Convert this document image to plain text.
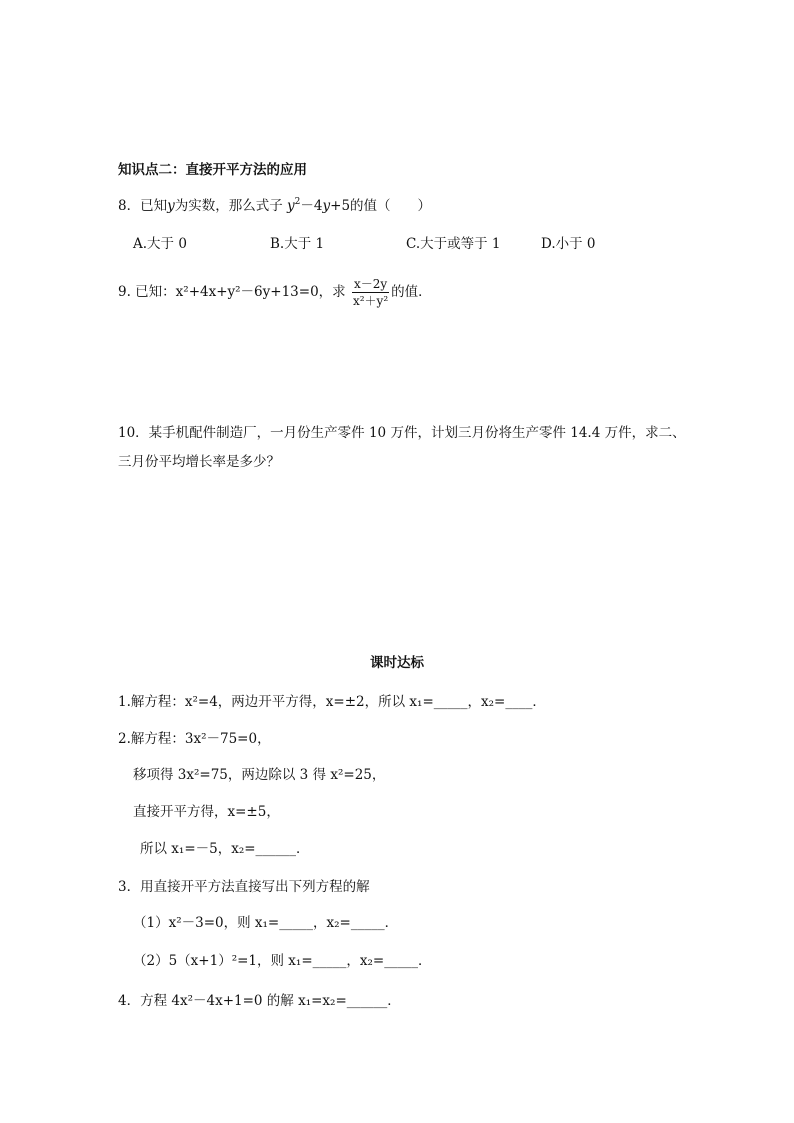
知识点二：直接开平方法的应用
8．已知y为实数，那么式子 $y^2-4y+5$的值（　　）
A.大于 0	B.大于 1	C.大于或等于 1	D.小于 0
9. 已知：x²+4x+y²－6y+13=0，求 $\frac{x-2y}{\text{x²＋y²}}$ 的值．
10．某手机配件制造厂，一月份生产零件 10 万件，计划三月份将生产零件 14.4 万件，求二、
三月份平均增长率是多少？
课时达标
1.解方程：x²=4，两边开平方得，x=±2，所以 x₁=_____，x₂=____．
2.解方程：3x²－75=0，
移项得 3x²=75，两边除以 3 得 x²=25，
直接开平方得，x=±5，
所以 x₁=－5，x₂=______．
3．用直接开平方法直接写出下列方程的解
（1）x²－3=0，则 x₁=_____，x₂=_____．
（2）5（x+1）²=1，则 x₁=_____，x₂=_____．
4．方程 4x²－4x+1=0 的解 x₁=x₂=______．
